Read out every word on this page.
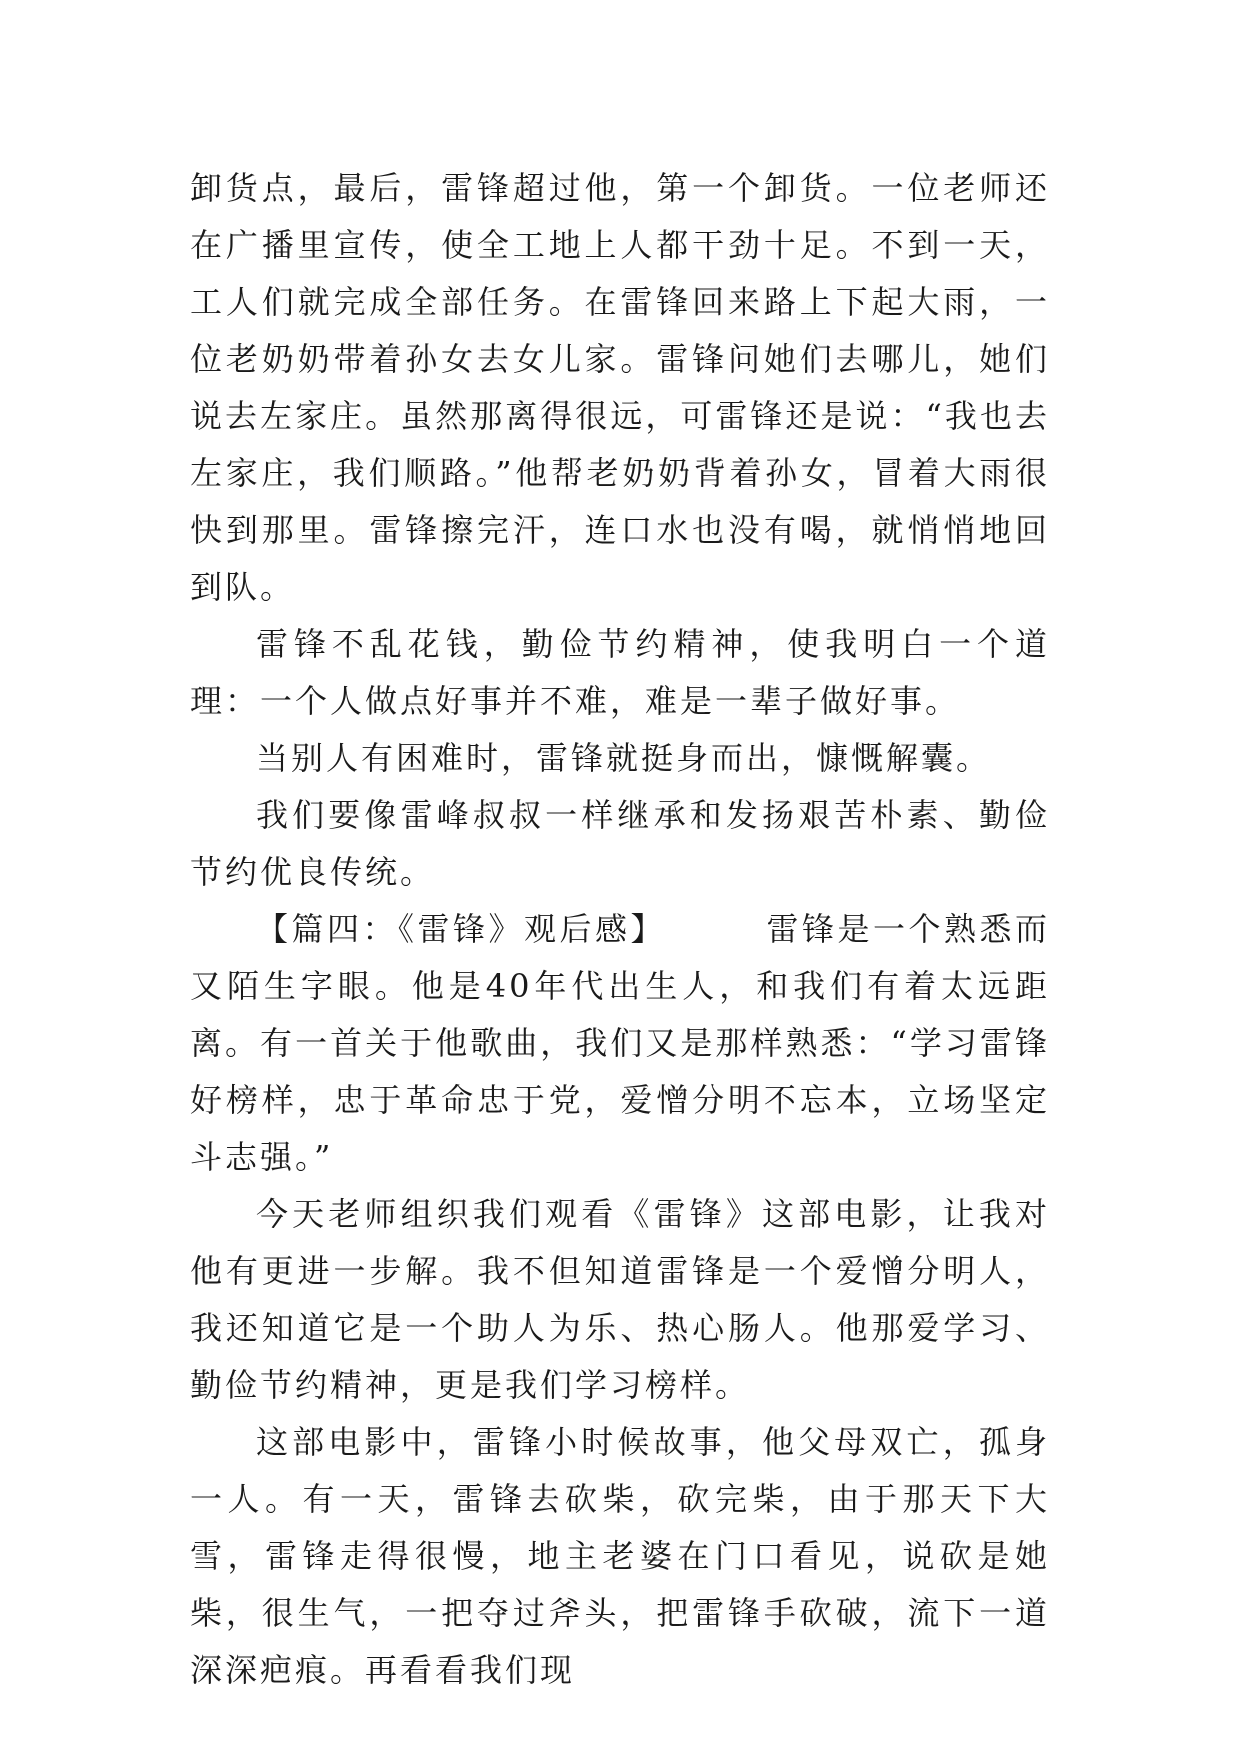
卸货点，最后，雷锋超过他，第一个卸货。一位老师还在广播里宣传，使全工地上人都干劲十足。不到一天，工人们就完成全部任务。在雷锋回来路上下起大雨，一位老奶奶带着孙女去女儿家。雷锋问她们去哪儿，她们说去左家庄。虽然那离得很远，可雷锋还是说：“我也去左家庄，我们顺路。”他帮老奶奶背着孙女，冒着大雨很快到那里。雷锋擦完汗，连口水也没有喝，就悄悄地回到队。

雷锋不乱花钱，勤俭节约精神，使我明白一个道理：一个人做点好事并不难，难是一辈子做好事。

当别人有困难时，雷锋就挺身而出，慷慨解囊。

我们要像雷峰叔叔一样继承和发扬艰苦朴素、勤俭节约优良传统。

【篇四：《雷锋》观后感】	雷锋是一个熟悉而又陌生字眼。他是40年代出生人，和我们有着太远距离。有一首关于他歌曲，我们又是那样熟悉：“学习雷锋好榜样，忠于革命忠于党，爱憎分明不忘本，立场坚定斗志强。”

今天老师组织我们观看《雷锋》这部电影，让我对他有更进一步解。我不但知道雷锋是一个爱憎分明人，我还知道它是一个助人为乐、热心肠人。他那爱学习、勤俭节约精神，更是我们学习榜样。

这部电影中，雷锋小时候故事，他父母双亡，孤身一人。有一天，雷锋去砍柴，砍完柴，由于那天下大雪，雷锋走得很慢，地主老婆在门口看见，说砍是她柴，很生气，一把夺过斧头，把雷锋手砍破，流下一道深深疤痕。再看看我们现
